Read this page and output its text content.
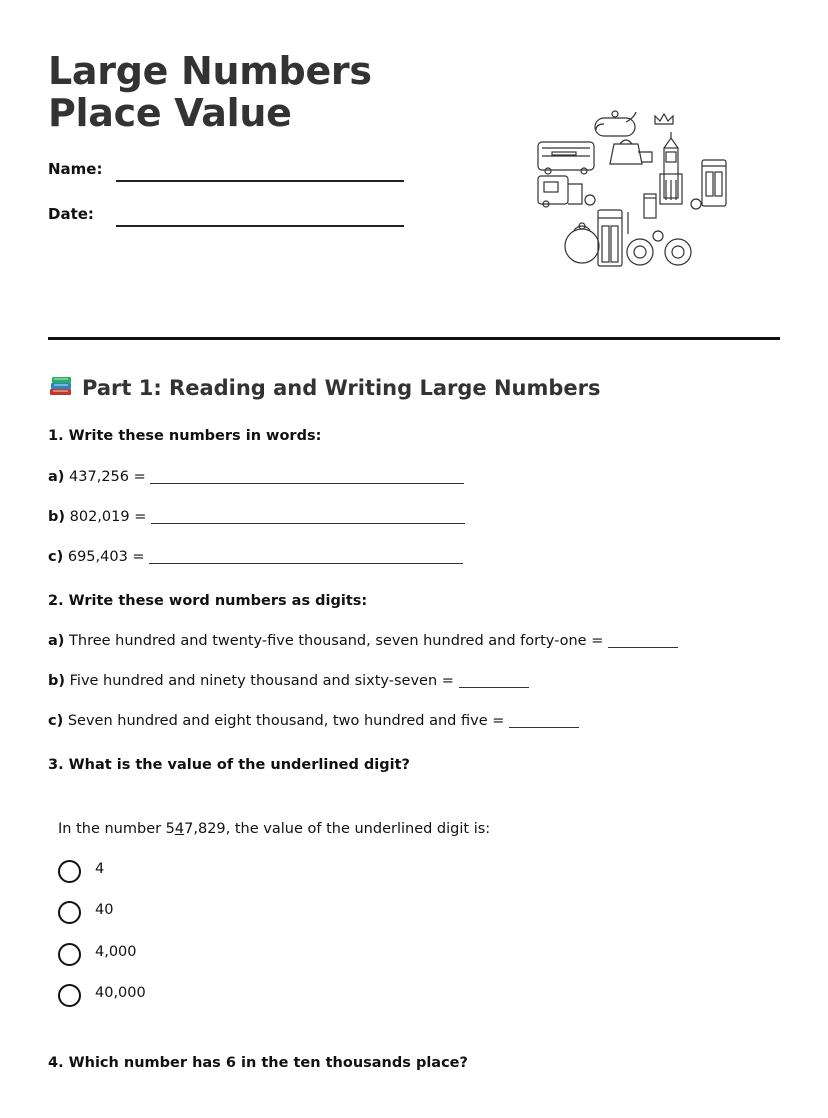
Large Numbers Place Value
Name:
Date:
Part 1: Reading and Writing Large Numbers
1. Write these numbers in words:
a) 437,256 =
b) 802,019 =
c) 695,403 =
2. Write these word numbers as digits:
a) Three hundred and twenty-five thousand, seven hundred and forty-one =
b) Five hundred and ninety thousand and sixty-seven =
c) Seven hundred and eight thousand, two hundred and five =
3. What is the value of the underlined digit?
In the number 547,829, the value of the underlined digit is:
4
40
4,000
40,000
4. Which number has 6 in the ten thousands place?
